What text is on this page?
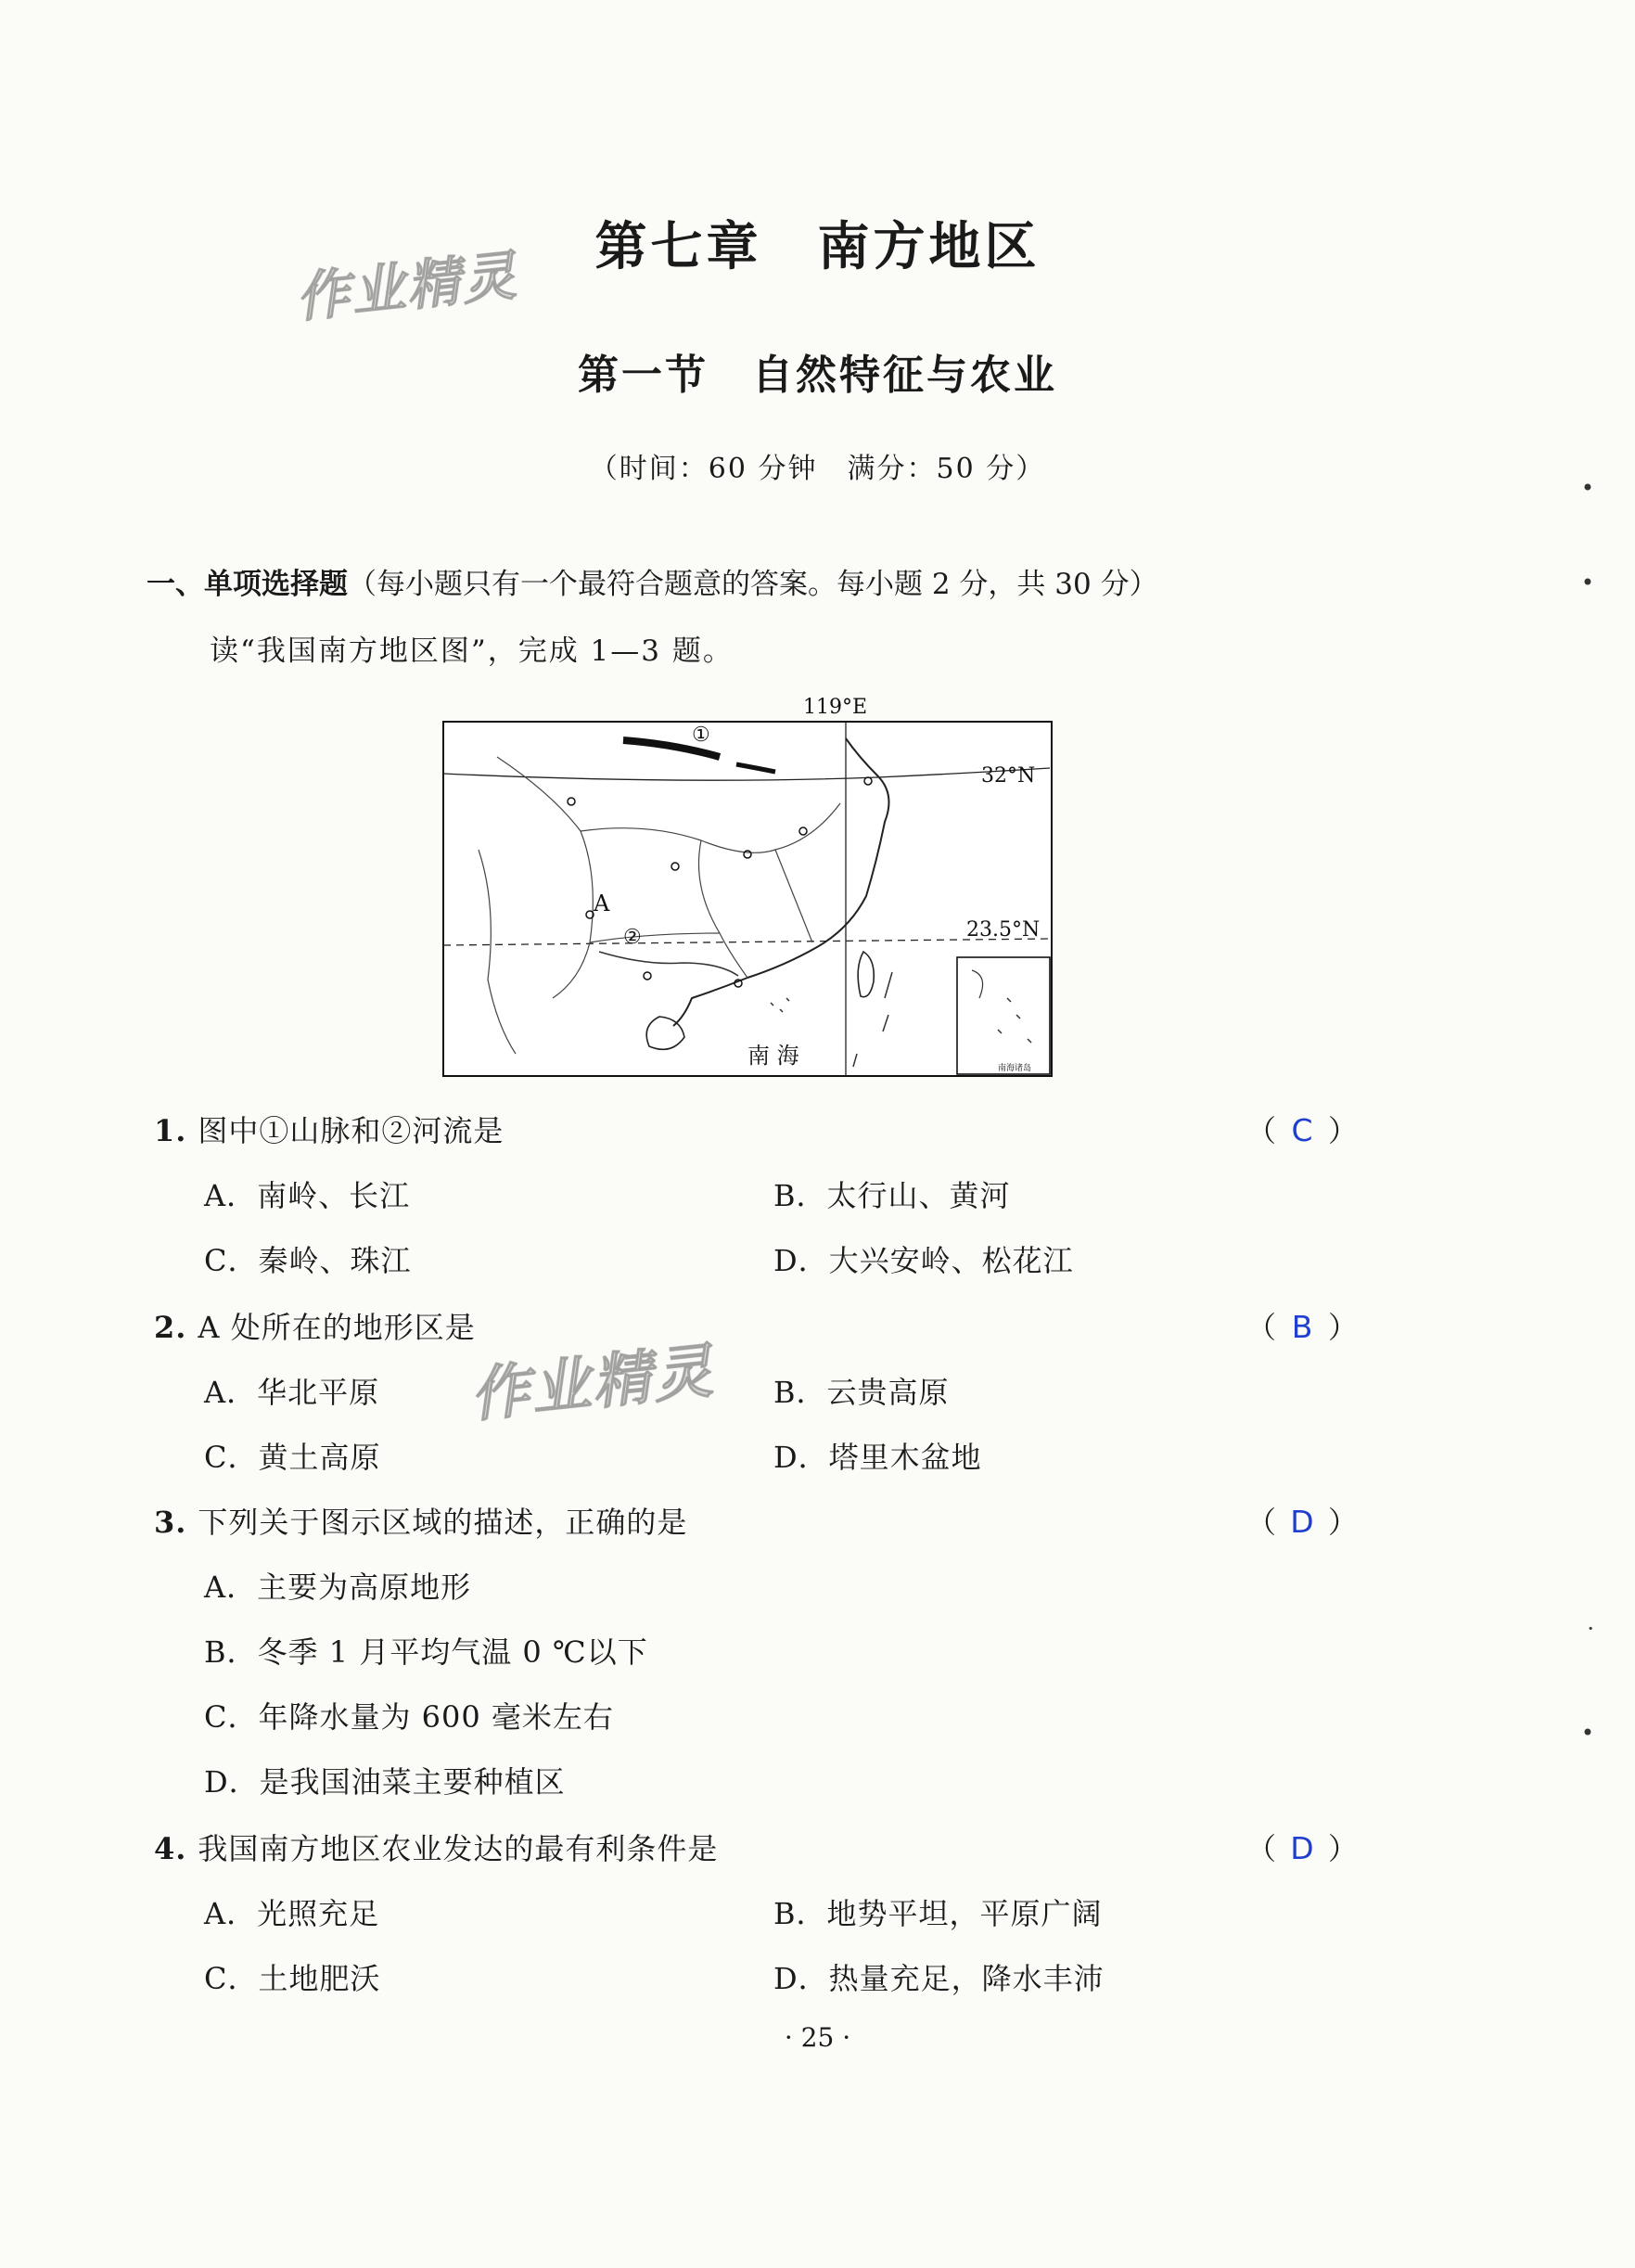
作业精灵
作业精灵
第七章　南方地区
第一节　自然特征与农业
（时间：60 分钟　满分：50 分）
一、单项选择题（每小题只有一个最符合题意的答案。每小题 2 分，共 30 分）
读“我国南方地区图”，完成 1—3 题。
119°E
32°N
23.5°N
A
①
②
南 海	南海诸岛
1. 图中①山脉和②河流是	（ C ）
A．南岭、长江	B．太行山、黄河
C．秦岭、珠江	D．大兴安岭、松花江
2. A 处所在的地形区是	（ B ）
A．华北平原	B．云贵高原
C．黄土高原	D．塔里木盆地
3. 下列关于图示区域的描述，正确的是	（ D ）
A．主要为高原地形
B．冬季 1 月平均气温 0 ℃以下
C．年降水量为 600 毫米左右
D．是我国油菜主要种植区
4. 我国南方地区农业发达的最有利条件是	（ D ）
A．光照充足	B．地势平坦，平原广阔
C．土地肥沃	D．热量充足，降水丰沛
· 25 ·
•
•
·
•
